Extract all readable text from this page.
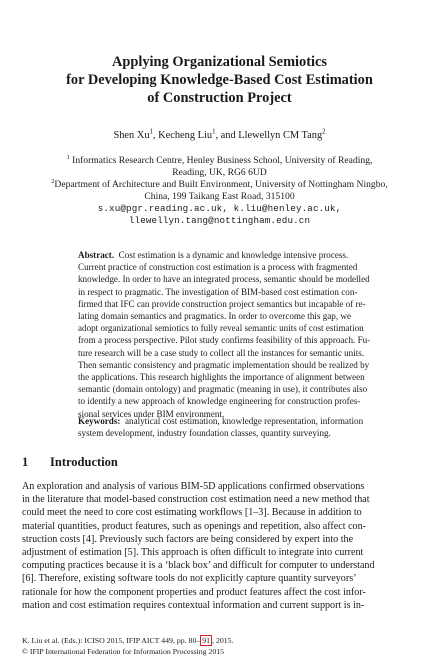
Applying Organizational Semiotics
for Developing Knowledge-Based Cost Estimation
of Construction Project
Shen Xu$^1$, Kecheng Liu$^1$, and Llewellyn CM Tang$^2$
$^1$ Informatics Research Centre, Henley Business School, University of Reading,
Reading, UK, RG6 6UD
$^2$Department of Architecture and Built Environment, University of Nottingham Ningbo,
China, 199 Taikang East Road, 315100
s.xu@pgr.reading.ac.uk, k.liu@henley.ac.uk,
llewellyn.tang@nottingham.edu.cn
Abstract. Cost estimation is a dynamic and knowledge intensive process.
Current practice of construction cost estimation is a process with fragmented
knowledge. In order to have an integrated process, semantic should be modelled
in respect to pragmatic. The investigation of BIM-based cost estimation con-
firmed that IFC can provide construction project semantics but incapable of re-
lating domain semantics and pragmatics. In order to overcome this gap, we
adopt organizational semiotics to fully reveal semantic units of cost estimation
from a process perspective. Pilot study confirms feasibility of this approach. Fu-
ture research will be a case study to collect all the instances for semantic units.
Then semantic consistency and pragmatic implementation should be realized by
the applications. This research highlights the importance of alignment between
semantic (domain ontology) and pragmatic (meaning in use), it contributes also
to identify a new approach of knowledge engineering for construction profes-
sional services under BIM environment.
Keywords: analytical cost estimation, knowledge representation, information
system development, industry foundation classes, quantity surveying.
1 Introduction
An exploration and analysis of various BIM-5D applications confirmed observations
in the literature that model-based construction cost estimation need a new method that
could meet the need to core cost estimating workflows [1–3]. Because in addition to
material quantities, product features, such as openings and repetition, also affect con-
struction costs [4]. Previously such factors are being considered by expert into the
adjustment of estimation [5]. This approach is often difficult to integrate into current
computing practices because it is a ‘black box’ and difficult for computer to understand
[6]. Therefore, existing software tools do not explicitly capture quantity surveyors’
rationale for how the component properties and product features affect the cost infor-
mation and cost estimation requires contextual information and current support is in-
K. Liu et al. (Eds.): ICISO 2015, IFIP AICT 449, pp. 80– 91 , 2015.
© IFIP International Federation for Information Processing 2015
